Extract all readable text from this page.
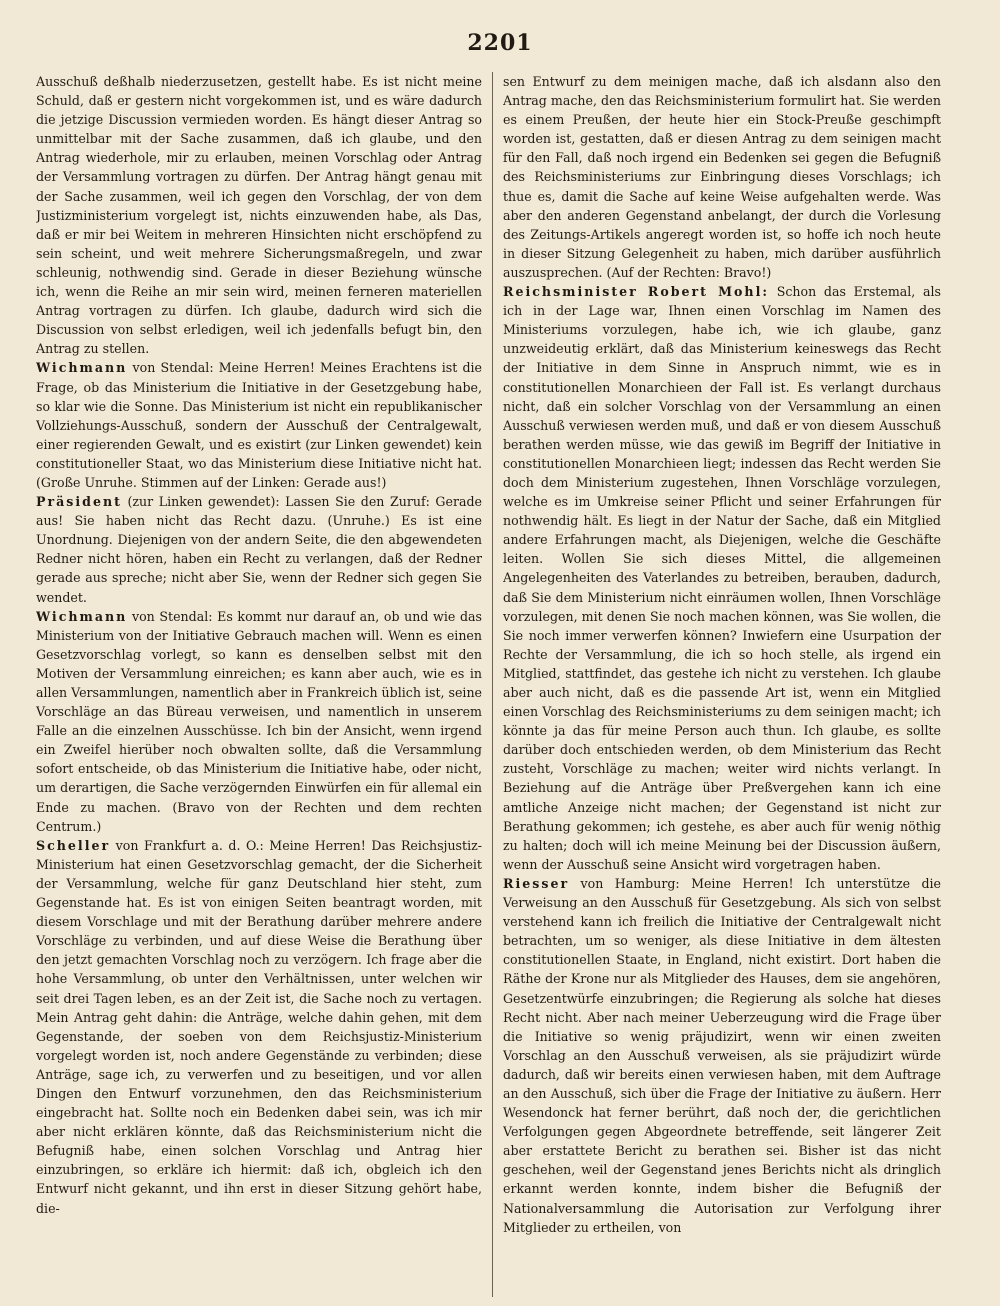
2201

Ausschuß deßhalb niederzusetzen, gestellt habe. Es ist nicht meine Schuld, daß er gestern nicht vorgekommen ist, und es wäre dadurch die jetzige Discussion vermieden worden. Es hängt dieser Antrag so unmittelbar mit der Sache zusammen, daß ich glaube, und den Antrag wiederhole, mir zu erlauben, meinen Vorschlag oder Antrag der Versammlung vortragen zu dürfen. Der Antrag hängt genau mit der Sache zusammen, weil ich gegen den Vorschlag, der von dem Justizministerium vorgelegt ist, nichts einzuwenden habe, als Das, daß er mir bei Weitem in mehreren Hinsichten nicht erschöpfend zu sein scheint, und weit mehrere Sicherungsmaßregeln, und zwar schleunig, nothwendig sind. Gerade in dieser Beziehung wünsche ich, wenn die Reihe an mir sein wird, meinen ferneren materiellen Antrag vortragen zu dürfen. Ich glaube, dadurch wird sich die Discussion von selbst erledigen, weil ich jedenfalls befugt bin, den Antrag zu stellen.

Wichmann von Stendal: Meine Herren! Meines Erachtens ist die Frage, ob das Ministerium die Initiative in der Gesetzgebung habe, so klar wie die Sonne. Das Ministerium ist nicht ein republikanischer Vollziehungs-Ausschuß, sondern der Ausschuß der Centralgewalt, einer regierenden Gewalt, und es existirt (zur Linken gewendet) kein constitutioneller Staat, wo das Ministerium diese Initiative nicht hat. (Große Unruhe. Stimmen auf der Linken: Gerade aus!)

Präsident (zur Linken gewendet): Lassen Sie den Zuruf: Gerade aus! Sie haben nicht das Recht dazu. (Unruhe.) Es ist eine Unordnung. Diejenigen von der andern Seite, die den abgewendeten Redner nicht hören, haben ein Recht zu verlangen, daß der Redner gerade aus spreche; nicht aber Sie, wenn der Redner sich gegen Sie wendet.

Wichmann von Stendal: Es kommt nur darauf an, ob und wie das Ministerium von der Initiative Gebrauch machen will. Wenn es einen Gesetzvorschlag vorlegt, so kann es denselben selbst mit den Motiven der Versammlung einreichen; es kann aber auch, wie es in allen Versammlungen, namentlich aber in Frankreich üblich ist, seine Vorschläge an das Büreau verweisen, und namentlich in unserem Falle an die einzelnen Ausschüsse. Ich bin der Ansicht, wenn irgend ein Zweifel hierüber noch obwalten sollte, daß die Versammlung sofort entscheide, ob das Ministerium die Initiative habe, oder nicht, um derartigen, die Sache verzögernden Einwürfen ein für allemal ein Ende zu machen. (Bravo von der Rechten und dem rechten Centrum.)

Scheller von Frankfurt a. d. O.: Meine Herren! Das Reichsjustiz-Ministerium hat einen Gesetzvorschlag gemacht, der die Sicherheit der Versammlung, welche für ganz Deutschland hier steht, zum Gegenstande hat. Es ist von einigen Seiten beantragt worden, mit diesem Vorschlage und mit der Berathung darüber mehrere andere Vorschläge zu verbinden, und auf diese Weise die Berathung über den jetzt gemachten Vorschlag noch zu verzögern. Ich frage aber die hohe Versammlung, ob unter den Verhältnissen, unter welchen wir seit drei Tagen leben, es an der Zeit ist, die Sache noch zu vertagen. Mein Antrag geht dahin: die Anträge, welche dahin gehen, mit dem Gegenstande, der soeben von dem Reichsjustiz-Ministerium vorgelegt worden ist, noch andere Gegenstände zu verbinden; diese Anträge, sage ich, zu verwerfen und zu beseitigen, und vor allen Dingen den Entwurf vorzunehmen, den das Reichsministerium eingebracht hat. Sollte noch ein Bedenken dabei sein, was ich mir aber nicht erklären könnte, daß das Reichsministerium nicht die Befugniß habe, einen solchen Vorschlag und Antrag hier einzubringen, so erkläre ich hiermit: daß ich, obgleich ich den Entwurf nicht gekannt, und ihn erst in dieser Sitzung gehört habe, die-

sen Entwurf zu dem meinigen mache, daß ich alsdann also den Antrag mache, den das Reichsministerium formulirt hat. Sie werden es einem Preußen, der heute hier ein Stock-Preuße geschimpft worden ist, gestatten, daß er diesen Antrag zu dem seinigen macht für den Fall, daß noch irgend ein Bedenken sei gegen die Befugniß des Reichsministeriums zur Einbringung dieses Vorschlags; ich thue es, damit die Sache auf keine Weise aufgehalten werde. Was aber den anderen Gegenstand anbelangt, der durch die Vorlesung des Zeitungs-Artikels angeregt worden ist, so hoffe ich noch heute in dieser Sitzung Gelegenheit zu haben, mich darüber ausführlich auszusprechen. (Auf der Rechten: Bravo!)

Reichsminister Robert Mohl: Schon das Erstemal, als ich in der Lage war, Ihnen einen Vorschlag im Namen des Ministeriums vorzulegen, habe ich, wie ich glaube, ganz unzweideutig erklärt, daß das Ministerium keineswegs das Recht der Initiative in dem Sinne in Anspruch nimmt, wie es in constitutionellen Monarchieen der Fall ist. Es verlangt durchaus nicht, daß ein solcher Vorschlag von der Versammlung an einen Ausschuß verwiesen werden muß, und daß er von diesem Ausschuß berathen werden müsse, wie das gewiß im Begriff der Initiative in constitutionellen Monarchieen liegt; indessen das Recht werden Sie doch dem Ministerium zugestehen, Ihnen Vorschläge vorzulegen, welche es im Umkreise seiner Pflicht und seiner Erfahrungen für nothwendig hält. Es liegt in der Natur der Sache, daß ein Mitglied andere Erfahrungen macht, als Diejenigen, welche die Geschäfte leiten. Wollen Sie sich dieses Mittel, die allgemeinen Angelegenheiten des Vaterlandes zu betreiben, berauben, dadurch, daß Sie dem Ministerium nicht einräumen wollen, Ihnen Vorschläge vorzulegen, mit denen Sie noch machen können, was Sie wollen, die Sie noch immer verwerfen können? Inwiefern eine Usurpation der Rechte der Versammlung, die ich so hoch stelle, als irgend ein Mitglied, stattfindet, das gestehe ich nicht zu verstehen. Ich glaube aber auch nicht, daß es die passende Art ist, wenn ein Mitglied einen Vorschlag des Reichsministeriums zu dem seinigen macht; ich könnte ja das für meine Person auch thun. Ich glaube, es sollte darüber doch entschieden werden, ob dem Ministerium das Recht zusteht, Vorschläge zu machen; weiter wird nichts verlangt. In Beziehung auf die Anträge über Preßvergehen kann ich eine amtliche Anzeige nicht machen; der Gegenstand ist nicht zur Berathung gekommen; ich gestehe, es aber auch für wenig nöthig zu halten; doch will ich meine Meinung bei der Discussion äußern, wenn der Ausschuß seine Ansicht wird vorgetragen haben.

Riesser von Hamburg: Meine Herren! Ich unterstütze die Verweisung an den Ausschuß für Gesetzgebung. Als sich von selbst verstehend kann ich freilich die Initiative der Centralgewalt nicht betrachten, um so weniger, als diese Initiative in dem ältesten constitutionellen Staate, in England, nicht existirt. Dort haben die Räthe der Krone nur als Mitglieder des Hauses, dem sie angehören, Gesetzentwürfe einzubringen; die Regierung als solche hat dieses Recht nicht. Aber nach meiner Ueberzeugung wird die Frage über die Initiative so wenig präjudizirt, wenn wir einen zweiten Vorschlag an den Ausschuß verweisen, als sie präjudizirt würde dadurch, daß wir bereits einen verwiesen haben, mit dem Auftrage an den Ausschuß, sich über die Frage der Initiative zu äußern. Herr Wesendonck hat ferner berührt, daß noch der, die gerichtlichen Verfolgungen gegen Abgeordnete betreffende, seit längerer Zeit aber erstattete Bericht zu berathen sei. Bisher ist das nicht geschehen, weil der Gegenstand jenes Berichts nicht als dringlich erkannt werden konnte, indem bisher die Befugniß der Nationalversammlung die Autorisation zur Verfolgung ihrer Mitglieder zu ertheilen, von
